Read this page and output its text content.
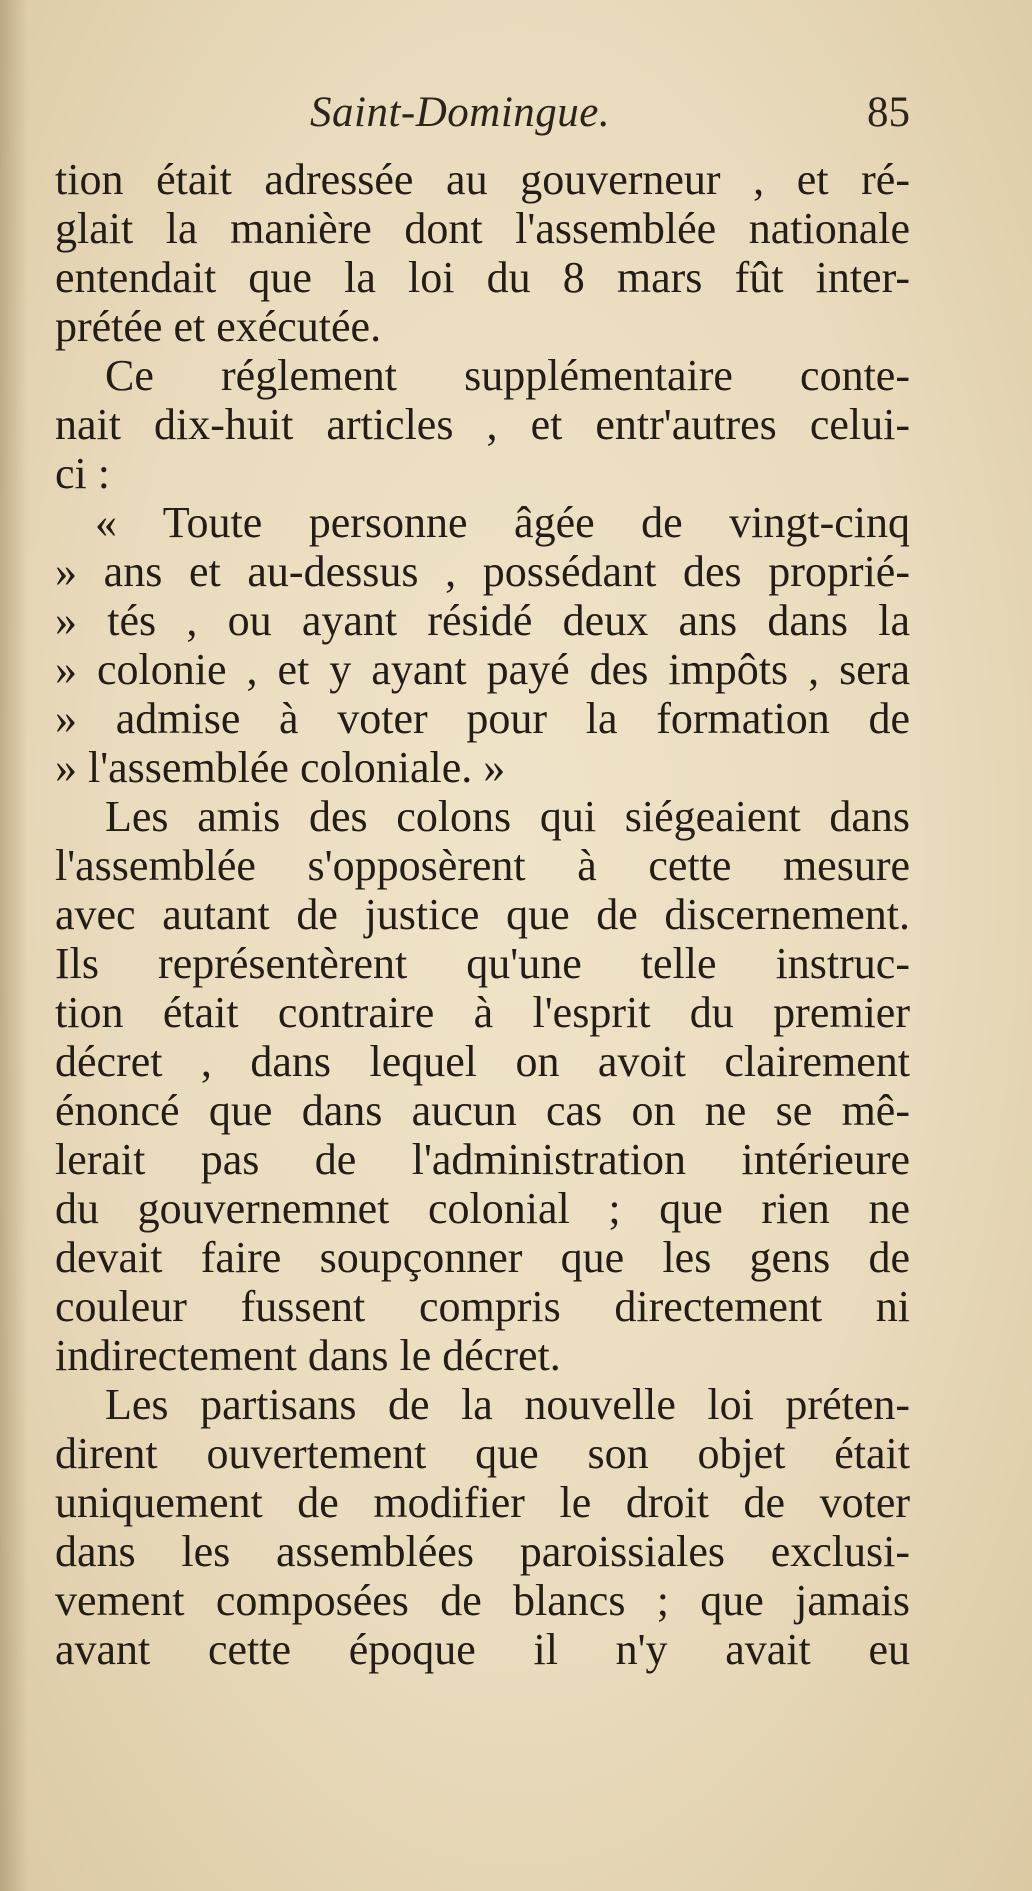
Saint-Domingue.	85
tion était adressée au gouverneur , et ré-
glait la manière dont l'assemblée nationale
entendait que la loi du 8 mars fût inter-
prétée et exécutée.
Ce réglement supplémentaire conte-
nait dix-huit articles , et entr'autres celui-
ci :
« Toute personne âgée de vingt-cinq
» ans et au-dessus , possédant des proprié-
» tés , ou ayant résidé deux ans dans la
» colonie , et y ayant payé des impôts , sera
» admise à voter pour la formation de
» l'assemblée coloniale. »
Les amis des colons qui siégeaient dans
l'assemblée s'opposèrent à cette mesure
avec autant de justice que de discernement.
Ils représentèrent qu'une telle instruc-
tion était contraire à l'esprit du premier
décret , dans lequel on avoit clairement
énoncé que dans aucun cas on ne se mê-
lerait pas de l'administration intérieure
du gouvernemnet colonial ; que rien ne
devait faire soupçonner que les gens de
couleur fussent compris directement ni
indirectement dans le décret.
Les partisans de la nouvelle loi préten-
dirent ouvertement que son objet était
uniquement de modifier le droit de voter
dans les assemblées paroissiales exclusi-
vement composées de blancs ; que jamais
avant cette époque il n'y avait eu
